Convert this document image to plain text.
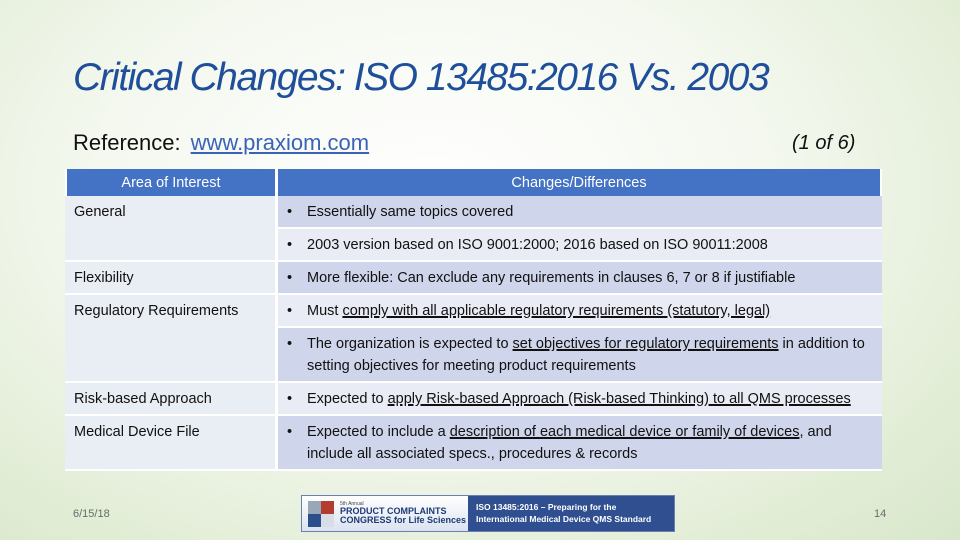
Critical Changes: ISO 13485:2016 Vs. 2003
Reference: www.praxiom.com	(1 of 6)
Area of Interest	Changes/Differences
General	• Essentially same topics covered
	• 2003 version based on ISO 9001:2000; 2016 based on ISO 90011:2008
Flexibility	• More flexible: Can exclude any requirements in clauses 6, 7 or 8 if justifiable
Regulatory Requirements	• Must comply with all applicable regulatory requirements (statutory, legal)
	• The organization is expected to set objectives for regulatory requirements in addition to setting objectives for meeting product requirements
Risk-based Approach	• Expected to apply Risk-based Approach (Risk-based Thinking) to all QMS processes
Medical Device File	• Expected to include a description of each medical device or family of devices, and include all associated specs., procedures & records
6/15/18
5th Annual
PRODUCT COMPLAINTS
CONGRESS for Life Sciences
ISO 13485:2016 – Preparing for the
International Medical Device QMS Standard	14
